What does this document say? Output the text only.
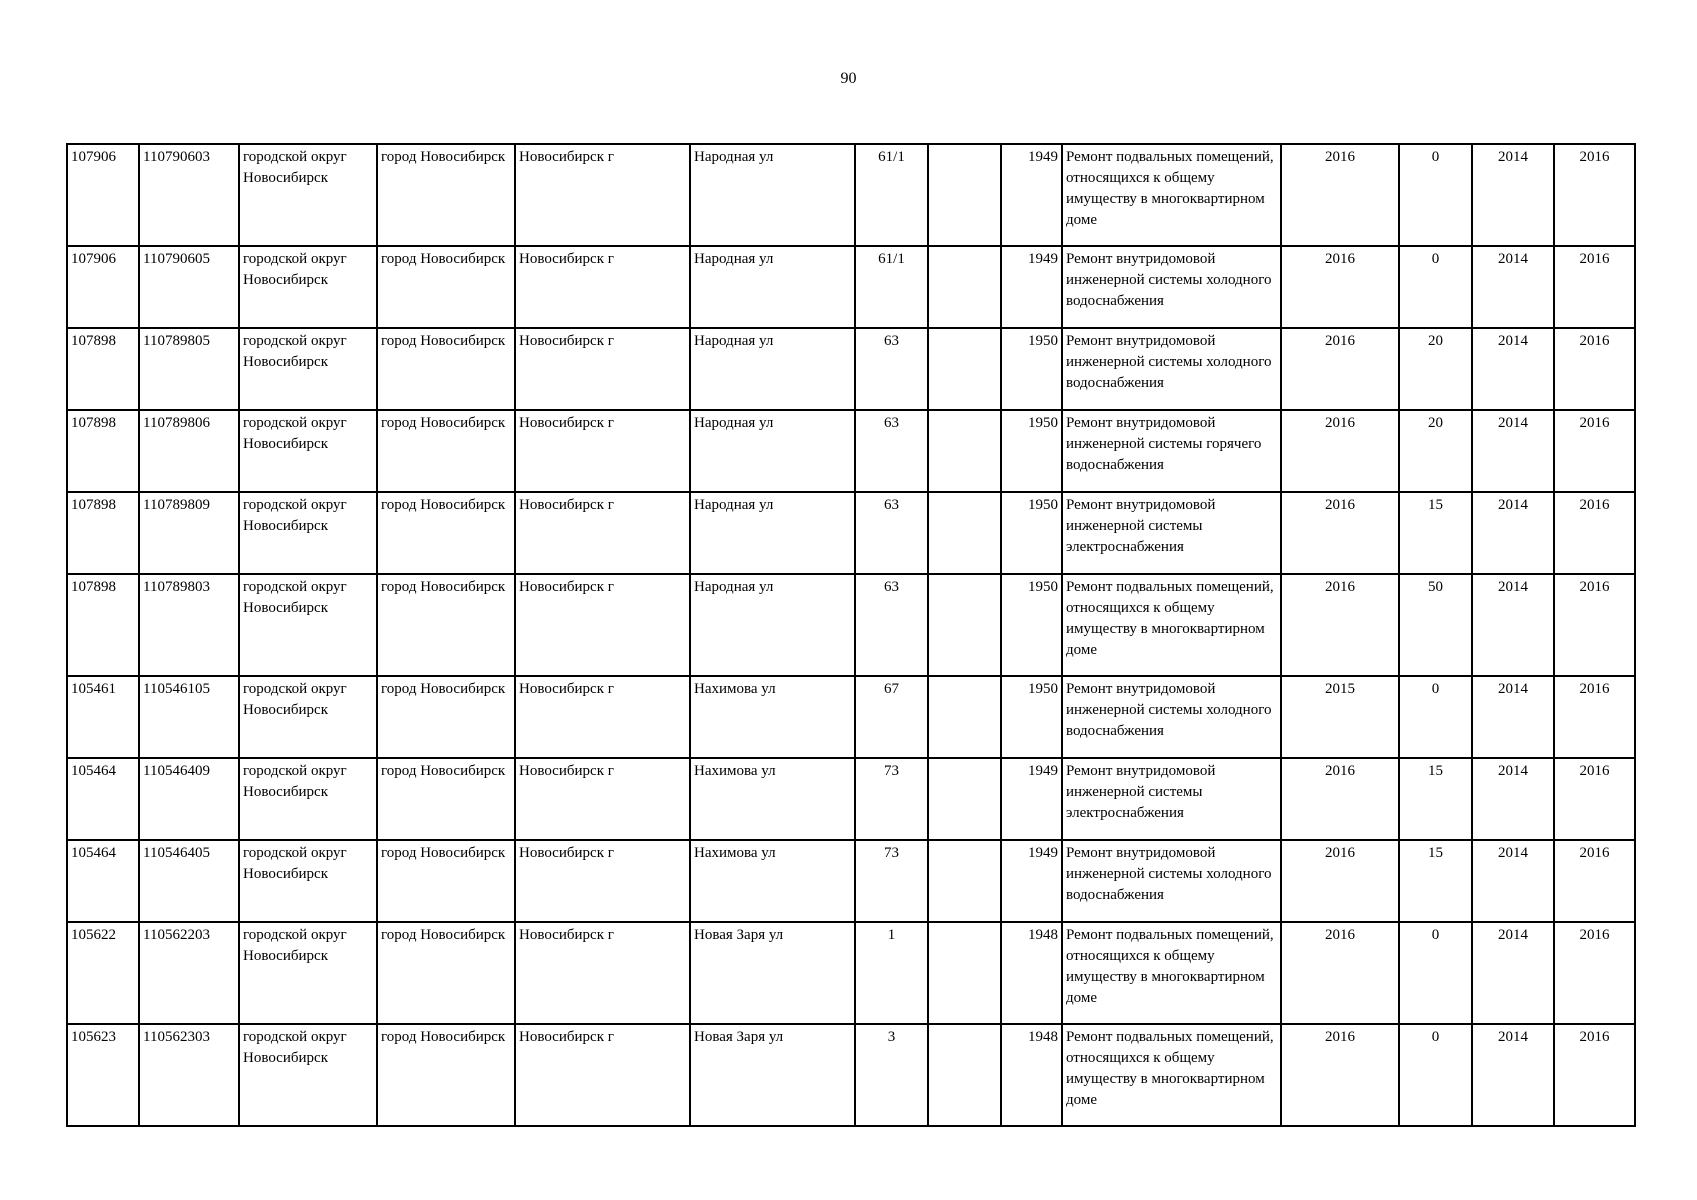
90
107906	110790603	городской округ Новосибирск	город Новосибирск	Новосибирск г	Народная ул	61/1		1949	Ремонт подвальных помещений, относящихся к общему имуществу в многоквартирном доме	2016	0	2014	2016
107906	110790605	городской округ Новосибирск	город Новосибирск	Новосибирск г	Народная ул	61/1		1949	Ремонт внутридомовой инженерной системы холодного водоснабжения	2016	0	2014	2016
107898	110789805	городской округ Новосибирск	город Новосибирск	Новосибирск г	Народная ул	63		1950	Ремонт внутридомовой инженерной системы холодного водоснабжения	2016	20	2014	2016
107898	110789806	городской округ Новосибирск	город Новосибирск	Новосибирск г	Народная ул	63		1950	Ремонт внутридомовой инженерной системы горячего водоснабжения	2016	20	2014	2016
107898	110789809	городской округ Новосибирск	город Новосибирск	Новосибирск г	Народная ул	63		1950	Ремонт внутридомовой инженерной системы электроснабжения	2016	15	2014	2016
107898	110789803	городской округ Новосибирск	город Новосибирск	Новосибирск г	Народная ул	63		1950	Ремонт подвальных помещений, относящихся к общему имуществу в многоквартирном доме	2016	50	2014	2016
105461	110546105	городской округ Новосибирск	город Новосибирск	Новосибирск г	Нахимова ул	67		1950	Ремонт внутридомовой инженерной системы холодного водоснабжения	2015	0	2014	2016
105464	110546409	городской округ Новосибирск	город Новосибирск	Новосибирск г	Нахимова ул	73		1949	Ремонт внутридомовой инженерной системы электроснабжения	2016	15	2014	2016
105464	110546405	городской округ Новосибирск	город Новосибирск	Новосибирск г	Нахимова ул	73		1949	Ремонт внутридомовой инженерной системы холодного водоснабжения	2016	15	2014	2016
105622	110562203	городской округ Новосибирск	город Новосибирск	Новосибирск г	Новая Заря ул	1		1948	Ремонт подвальных помещений, относящихся к общему имуществу в многоквартирном доме	2016	0	2014	2016
105623	110562303	городской округ Новосибирск	город Новосибирск	Новосибирск г	Новая Заря ул	3		1948	Ремонт подвальных помещений, относящихся к общему имуществу в многоквартирном доме	2016	0	2014	2016
